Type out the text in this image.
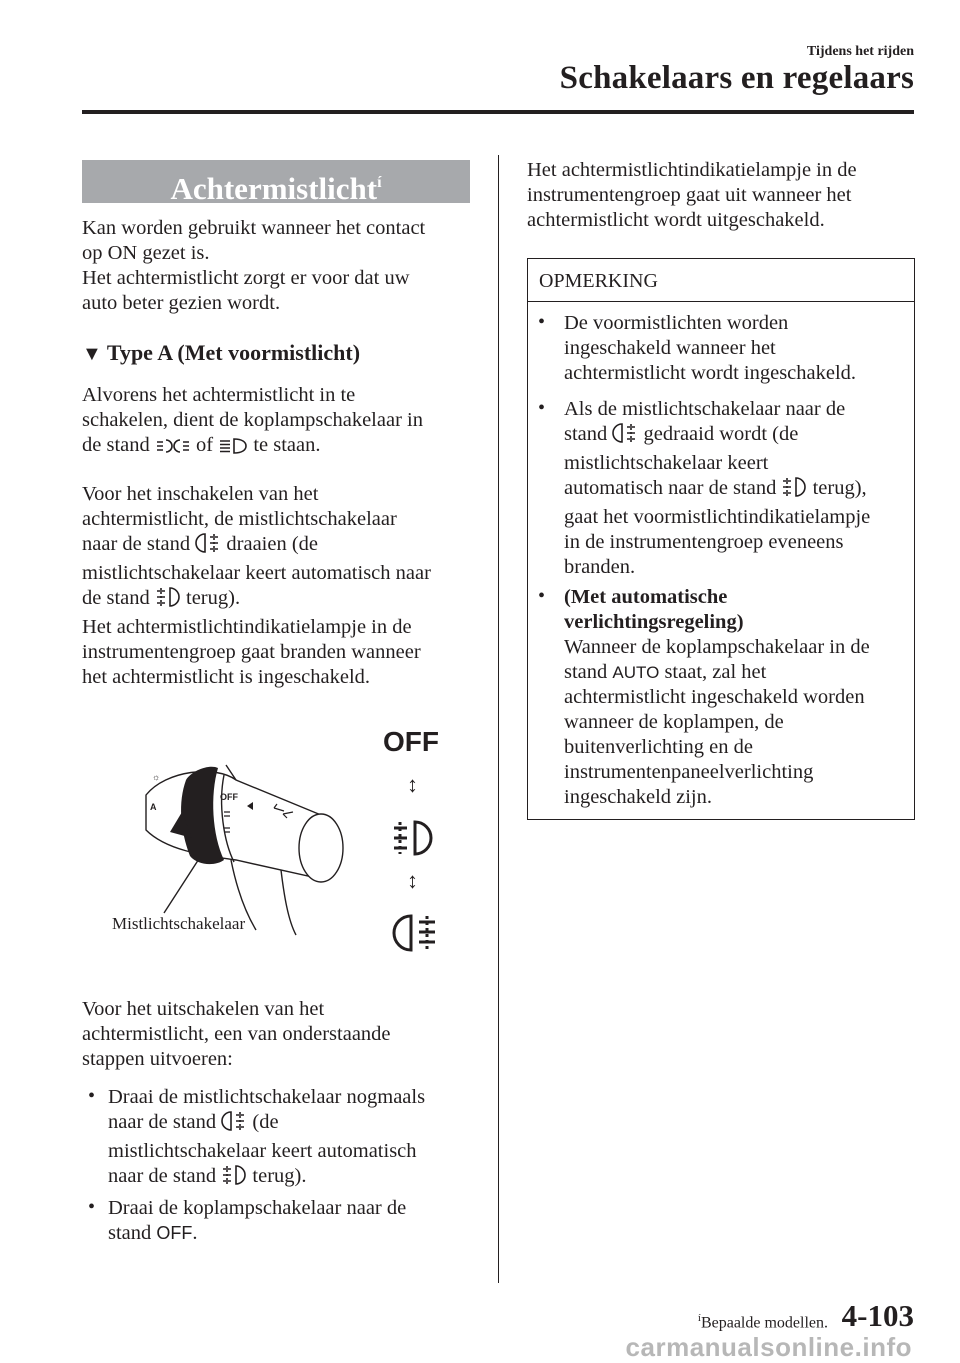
Tijdens het rijden
Schakelaars en regelaars
Achtermistlicht$^í$

Kan worden gebruikt wanneer het contact

op ON gezet is.

Het achtermistlicht zorgt er voor dat uw

auto beter gezien wordt.

▼ Type A (Met voormistlicht)

Alvorens het achtermistlicht in te

schakelen, dient de koplampschakelaar in

de stand of te staan.

Voor het inschakelen van het

achtermistlicht, de mistlichtschakelaar

naar de stand draaien (de

mistlichtschakelaar keert automatisch naar

de stand terug).

Het achtermistlichtindikatielampje in de

instrumentengroep gaat branden wanneer

het achtermistlicht is ingeschakeld.

OFF
☼
A
Mistlichtschakelaar
OFF
↕
↕

Voor het uitschakelen van het

achtermistlicht, een van onderstaande

stappen uitvoeren:

• Draai de mistlichtschakelaar nogmaals

naar de stand (de

mistlichtschakelaar keert automatisch

naar de stand terug).

• Draai de koplampschakelaar naar de

stand OFF.

Het achtermistlichtindikatielampje in de

instrumentengroep gaat uit wanneer het

achtermistlicht wordt uitgeschakeld.

OPMERKING
• De voormistlichten worden

ingeschakeld wanneer het

achtermistlicht wordt ingeschakeld.

• Als de mistlichtschakelaar naar de

stand gedraaid wordt (de

mistlichtschakelaar keert

automatisch naar de stand terug),

gaat het voormistlichtindikatielampje

in de instrumentengroep eveneens

branden.

• (Met automatische

verlichtingsregeling)

Wanneer de koplampschakelaar in de

stand AUTO staat, zal het

achtermistlicht ingeschakeld worden

wanneer de koplampen, de

buitenverlichting en de

instrumentenpaneelverlichting

ingeschakeld zijn.

$^í$Bepaalde modellen. 4-103
carmanualsonline.info
